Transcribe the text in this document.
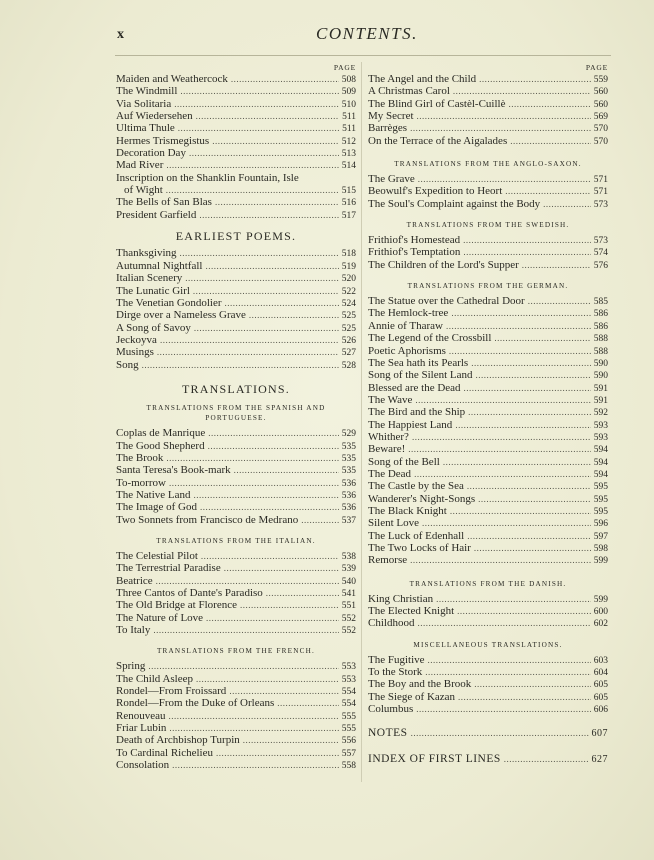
x	CONTENTS.
PAGE
Maiden and Weathercock .....	508
The Windmill .....	509
Via Solitaria .....	510
Auf Wiedersehen .....	511
Ultima Thule .....	511
Hermes Trismegistus .....	512
Decoration Day .....	513
Mad River .....	514
Inscription on the Shanklin Fountain, Isle
of Wight .....	515
The Bells of San Blas .....	516
President Garfield .....	517
EARLIEST POEMS.
Thanksgiving .....	518
Autumnal Nightfall .....	519
Italian Scenery .....	520
The Lunatic Girl .....	522
The Venetian Gondolier .....	524
Dirge over a Nameless Grave .....	525
A Song of Savoy .....	525
Jeckoyva .....	526
Musings .....	527
Song .....	528
TRANSLATIONS.
TRANSLATIONS FROM THE SPANISH AND
PORTUGUESE.
Coplas de Manrique .....	529
The Good Shepherd .....	535
The Brook .....	535
Santa Teresa's Book-mark .....	535
To-morrow .....	536
The Native Land .....	536
The Image of God .....	536
Two Sonnets from Francisco de Medrano .....	537
TRANSLATIONS FROM THE ITALIAN.
The Celestial Pilot .....	538
The Terrestrial Paradise .....	539
Beatrice .....	540
Three Cantos of Dante's Paradiso .....	541
The Old Bridge at Florence .....	551
The Nature of Love .....	552
To Italy .....	552
TRANSLATIONS FROM THE FRENCH.
Spring .....	553
The Child Asleep .....	553
Rondel—From Froissard .....	554
Rondel—From the Duke of Orleans .....	554
Renouveau .....	555
Friar Lubin .....	555
Death of Archbishop Turpin .....	556
To Cardinal Richelieu .....	557
Consolation .....	558
PAGE
The Angel and the Child .....	559
A Christmas Carol .....	560
The Blind Girl of Castèl-Cuillè .....	560
My Secret .....	569
Barrèges .....	570
On the Terrace of the Aigalades .....	570
TRANSLATIONS FROM THE ANGLO-SAXON.
The Grave .....	571
Beowulf's Expedition to Heort .....	571
The Soul's Complaint against the Body .....	573
TRANSLATIONS FROM THE SWEDISH.
Frithiof's Homestead .....	573
Frithiof's Temptation .....	574
The Children of the Lord's Supper .....	576
TRANSLATIONS FROM THE GERMAN.
The Statue over the Cathedral Door .....	585
The Hemlock-tree .....	586
Annie of Tharaw .....	586
The Legend of the Crossbill .....	588
Poetic Aphorisms .....	588
The Sea hath its Pearls .....	590
Song of the Silent Land .....	590
Blessed are the Dead .....	591
The Wave .....	591
The Bird and the Ship .....	592
The Happiest Land .....	593
Whither? .....	593
Beware! .....	594
Song of the Bell .....	594
The Dead .....	594
The Castle by the Sea .....	595
Wanderer's Night-Songs .....	595
The Black Knight .....	595
Silent Love .....	596
The Luck of Edenhall .....	597
The Two Locks of Hair .....	598
Remorse .....	599
TRANSLATIONS FROM THE DANISH.
King Christian .....	599
The Elected Knight .....	600
Childhood .....	602
MISCELLANEOUS TRANSLATIONS.
The Fugitive .....	603
To the Stork .....	604
The Boy and the Brook .....	605
The Siege of Kazan .....	605
Columbus .....	606
NOTES .....	607
INDEX OF FIRST LINES .....	627
